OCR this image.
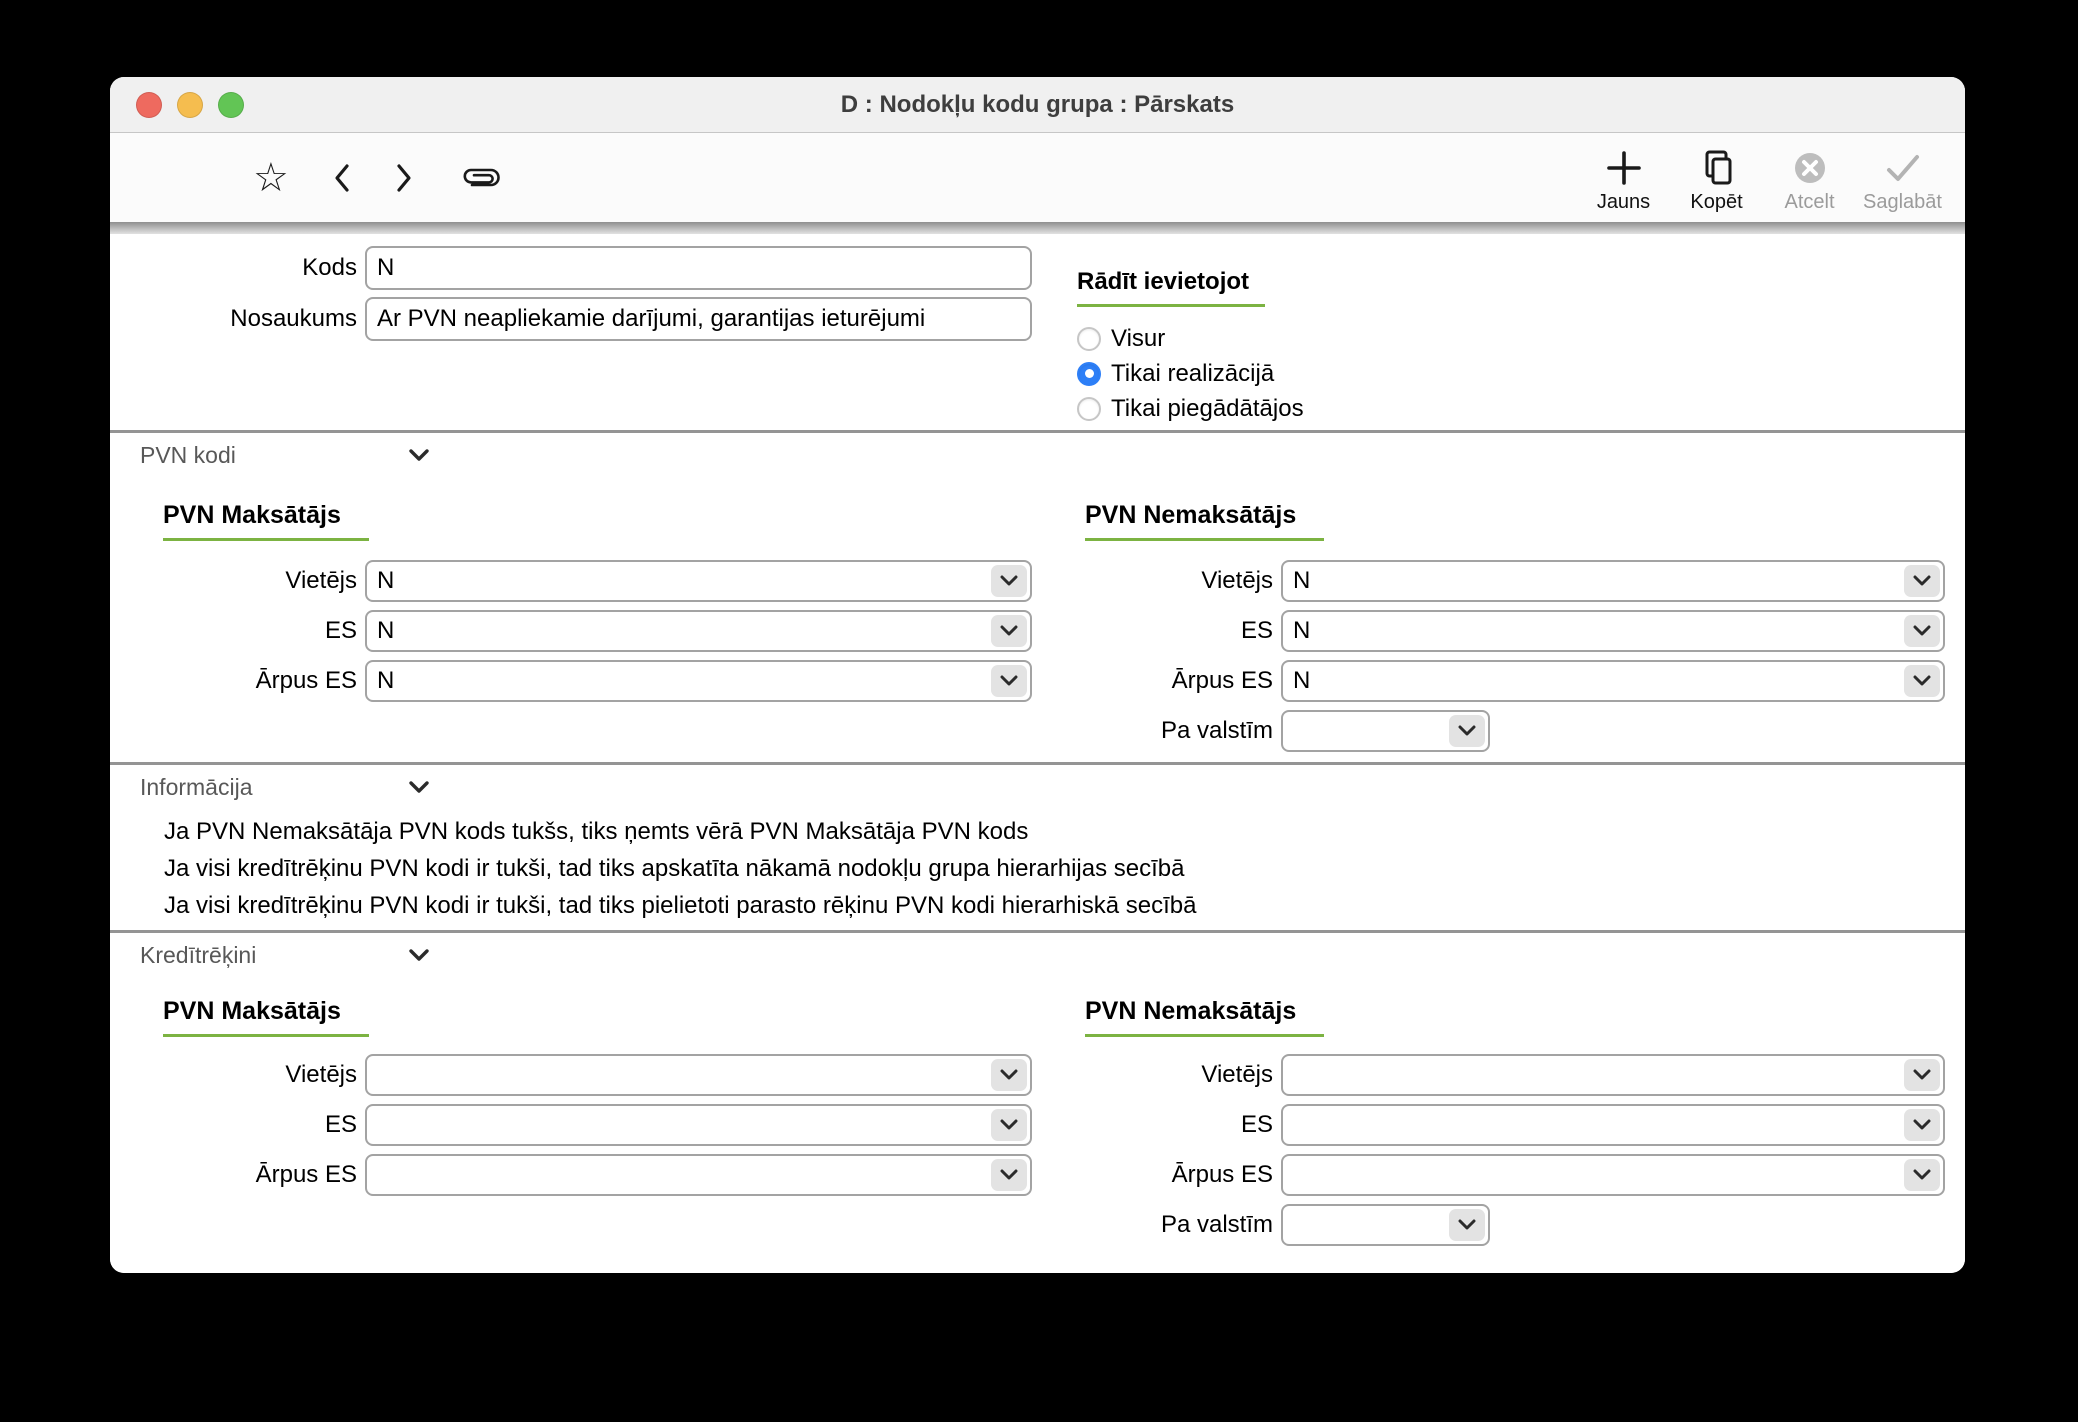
D : Nodokļu kodu grupa : Pārskats
☆
Jauns Kopēt Atcelt Saglabāt
Kods
N
Nosaukums
Ar PVN neapliekamie darījumi, garantijas ieturējumi
Rādīt ievietojot
Visur
Tikai realizācijā
Tikai piegādātājos
PVN kodi
PVN Maksātājs	PVN Nemaksātājs
Vietējs N
ES N
Ārpus ES N
Vietējs N
ES N
Ārpus ES N
Pa valstīm
Informācija
Ja PVN Nemaksātāja PVN kods tukšs, tiks ņemts vērā PVN Maksātāja PVN kods
Ja visi kredītrēķinu PVN kodi ir tukši, tad tiks apskatīta nākamā nodokļu grupa hierarhijas secībā
Ja visi kredītrēķinu PVN kodi ir tukši, tad tiks pielietoti parasto rēķinu PVN kodi hierarhiskā secībā
Kredītrēķini
PVN Maksātājs	PVN Nemaksātājs
Vietējs
ES
Ārpus ES
Vietējs
ES
Ārpus ES
Pa valstīm
